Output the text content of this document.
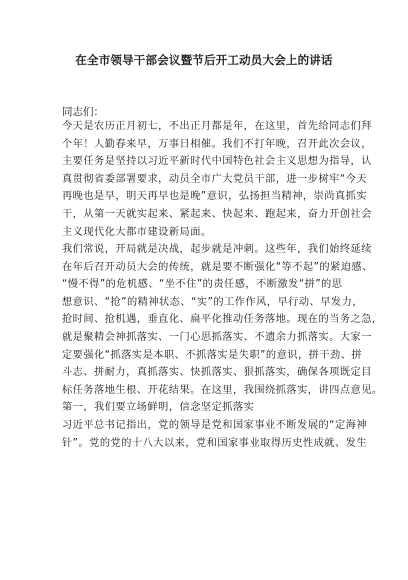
在全市领导干部会议暨节后开工动员大会上的讲话
同志们：
今天是农历正月初七，不出正月都是年，在这里，首先给同志们拜
个年！人勤春来早，万事日相催。我们不打年晚，召开此次会议，
主要任务是坚持以习近平新时代中国特色社会主义思想为指导，认
真贯彻省委部署要求，动员全市广大党员干部，进一步树牢“今天
再晚也是早，明天再早也是晚”意识，弘扬担当精神，崇尚真抓实
干，从第一天就实起来、紧起来、快起来、跑起来，奋力开创社会
主义现代化大都市建设新局面。
我们常说，开局就是决战，起步就是冲刺。这些年，我们始终延续
在年后召开动员大会的传统，就是要不断强化“等不起”的紧迫感、
“慢不得”的危机感、“坐不住”的责任感，不断激发“拼”的思
想意识、“抢”的精神状态、“实”的工作作风，早行动、早发力，
抢时间、抢机遇，垂直化、扁平化推动任务落地。现在的当务之急，
就是聚精会神抓落实、一门心思抓落实、不遗余力抓落实。大家一
定要强化“抓落实是本职、不抓落实是失职”的意识，拼干劲、拼
斗志、拼耐力，真抓落实、快抓落实、狠抓落实，确保各项既定目
标任务落地生根、开花结果。在这里，我围绕抓落实，讲四点意见。
第一，我们要立场鲜明，信念坚定抓落实
习近平总书记指出，党的领导是党和国家事业不断发展的“定海神
针”。党的党的十八大以来，党和国家事业取得历史性成就、发生
